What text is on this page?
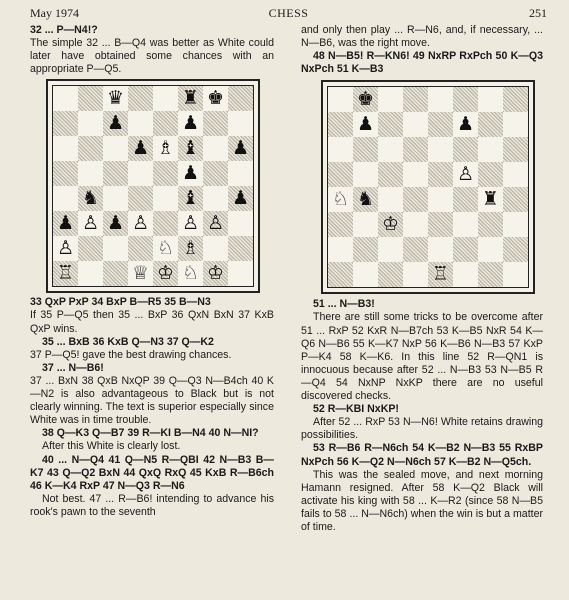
May 1974	CHESS	251

32 ... P—N4!?

The simple 32 ... B—Q4 was better as White could later have obtained some chances with an appropriate P—Q5.

♛	♜ ♚
♟	♟
♟ ♗ ♝ ♟
♟
♞	♝ ♟
♟ ♙ ♟ ♙ ♙ ♙
♙	♘ ♗
♖	♕ ♔ ♘ ♔

33 QxP PxP 34 BxP B—R5 35 B—N3

If 35 P—Q5 then 35 ... BxP 36 QxN BxN 37 KxB QxP wins.

35 ... BxB 36 KxB Q—N3 37 Q—K2

37 P—Q5! gave the best drawing chances.

37 ... N—B6!

37 ... BxN 38 QxB NxQP 39 Q—Q3 N—B4ch 40 K—N2 is also advantageous to Black but is not clearly winning. The text is superior especially since White was in time trouble.

38 Q—K3 Q—B7 39 R—KI B—N4 40 N—NI?

After this White is clearly lost.

40 ... N—Q4 41 Q—N5 R—QBI 42 N—B3 B—K7 43 Q—Q2 BxN 44 QxQ RxQ 45 KxB R—B6ch 46 K—K4 RxP 47 N—Q3 R—N6

Not best. 47 ... R—B6! intending to advance his rook's pawn to the seventh

and only then play ... R—N6, and, if necessary, ... N—B6, was the right move.

48 N—B5! R—KN6! 49 NxRP RxPch 50 K—Q3 NxPch 51 K—B3

♚
♟	♟
♙
♘ ♞	♜
♔
♖

51 ... N—B3!

There are still some tricks to be overcome after 51 ... RxP 52 KxR N—B7ch 53 K—B5 NxR 54 K—Q6 N—B6 55 K—K7 NxP 56 K—B6 N—B3 57 KxP P—K4 58 K—K6. In this line 52 R—QN1 is innocuous because after 52 ... N—B3 53 N—B5 R—Q4 54 NxNP NxKP there are no useful discovered checks.

52 R—KBI NxKP!

After 52 ... RxP 53 N—N6! White retains drawing possibilities.

53 R—B6 R—N6ch 54 K—B2 N—B3 55 RxBP NxPch 56 K—Q2 N—N6ch 57 K—B2 N—Q5ch.

This was the sealed move, and next morning Hamann resigned. After 58 K—Q2 Black will activate his king with 58 ... K—R2 (since 58 N—B5 fails to 58 ... N—N6ch) when the win is but a matter of time.
